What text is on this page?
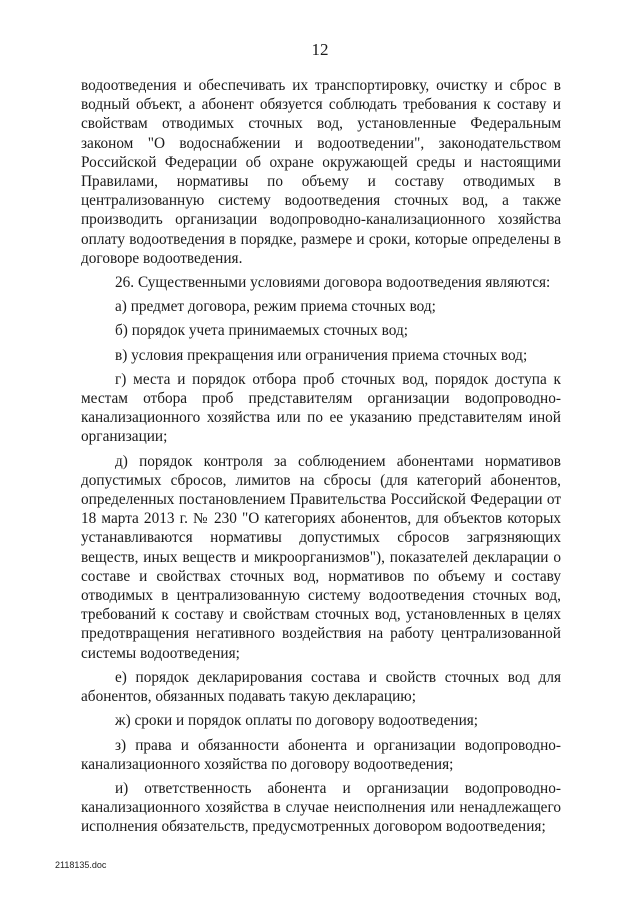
12

водоотведения и обеспечивать их транспортировку, очистку и сброс в водный объект, а абонент обязуется соблюдать требования к составу и свойствам отводимых сточных вод, установленные Федеральным законом "О водоснабжении и водоотведении", законодательством Российской Федерации об охране окружающей среды и настоящими Правилами, нормативы по объему и составу отводимых в централизованную систему водоотведения сточных вод, а также производить организации водопроводно-канализационного хозяйства оплату водоотведения в порядке, размере и сроки, которые определены в договоре водоотведения.

26. Существенными условиями договора водоотведения являются:

а) предмет договора, режим приема сточных вод;

б) порядок учета принимаемых сточных вод;

в) условия прекращения или ограничения приема сточных вод;

г) места и порядок отбора проб сточных вод, порядок доступа к местам отбора проб представителям организации водопроводно-канализационного хозяйства или по ее указанию представителям иной организации;

д) порядок контроля за соблюдением абонентами нормативов допустимых сбросов, лимитов на сбросы (для категорий абонентов, определенных постановлением Правительства Российской Федерации от 18 марта 2013 г. № 230 "О категориях абонентов, для объектов которых устанавливаются нормативы допустимых сбросов загрязняющих веществ, иных веществ и микроорганизмов"), показателей декларации о составе и свойствах сточных вод, нормативов по объему и составу отводимых в централизованную систему водоотведения сточных вод, требований к составу и свойствам сточных вод, установленных в целях предотвращения негативного воздействия на работу централизованной системы водоотведения;

е) порядок декларирования состава и свойств сточных вод для абонентов, обязанных подавать такую декларацию;

ж) сроки и порядок оплаты по договору водоотведения;

з) права и обязанности абонента и организации водопроводно-канализационного хозяйства по договору водоотведения;

и) ответственность абонента и организации водопроводно-канализационного хозяйства в случае неисполнения или ненадлежащего исполнения обязательств, предусмотренных договором водоотведения;

2118135.doc
